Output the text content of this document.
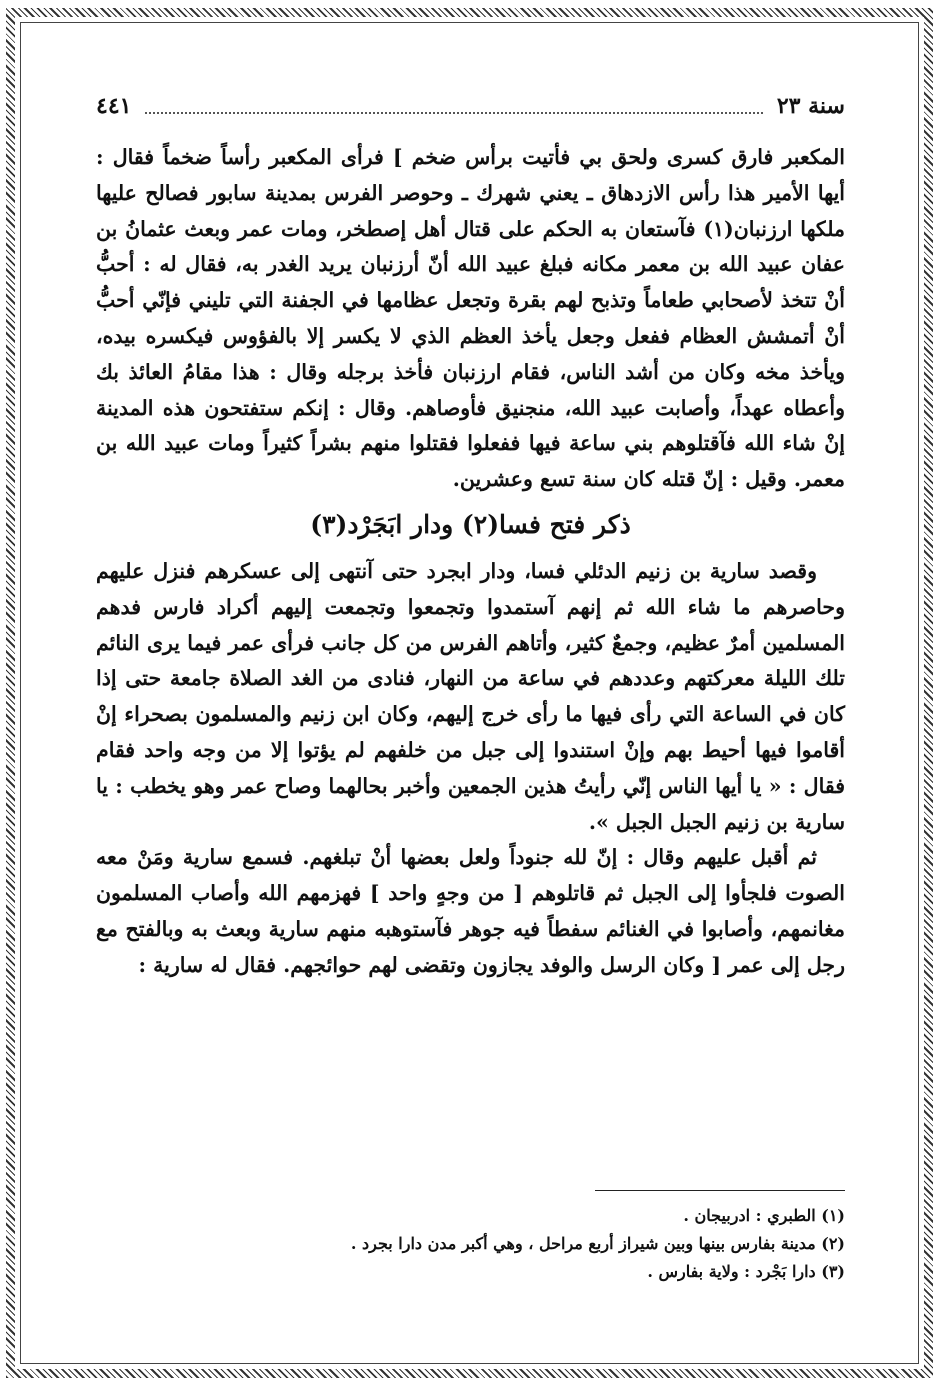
سنة ٢٣
٤٤١

المكعبر فارق كسرى ولحق بي فأتيت برأس ضخم ] فرأى المكعبر رأساً ضخماً فقال : أيها الأمير هذا رأس الازدهاق ـ يعني شهرك ـ وحوصر الفرس بمدينة سابور فصالح عليها ملكها ارزنبان(١) فآستعان به الحكم على قتال أهل إصطخر، ومات عمر وبعث عثمانُ بن عفان عبيد الله بن معمر مكانه فبلغ عبيد الله أنّ أرزنبان يريد الغدر به، فقال له : أحبُّ أنْ تتخذ لأصحابي طعاماً وتذبح لهم بقرة وتجعل عظامها في الجفنة التي تليني فإنّي أحبُّ أنْ أتمشش العظام ففعل وجعل يأخذ العظم الذي لا يكسر إلا بالفؤوس فيكسره بيده، ويأخذ مخه وكان من أشد الناس، فقام ارزنبان فأخذ برجله وقال : هذا مقامُ العائذ بك وأعطاه عهداً، وأصابت عبيد الله، منجنيق فأوصاهم. وقال : إنكم ستفتحون هذه المدينة إنْ شاء الله فآقتلوهم بني ساعة فيها ففعلوا فقتلوا منهم بشراً كثيراً ومات عبيد الله بن معمر. وقيل : إنّ قتله كان سنة تسع وعشرين.

ذكر فتح فسا(٢) ودار ابَجَرْد(٣)

وقصد سارية بن زنيم الدئلي فسا، ودار ابجرد حتى آنتهى إلى عسكرهم فنزل عليهم وحاصرهم ما شاء الله ثم إنهم آستمدوا وتجمعوا وتجمعت إليهم أكراد فارس فدهم المسلمين أمرٌ عظيم، وجمعٌ كثير، وأتاهم الفرس من كل جانب فرأى عمر فيما يرى النائم تلك الليلة معركتهم وعددهم في ساعة من النهار، فنادى من الغد الصلاة جامعة حتى إذا كان في الساعة التي رأى فيها ما رأى خرج إليهم، وكان ابن زنيم والمسلمون بصحراء إنْ أقاموا فيها أحيط بهم وإنْ استندوا إلى جبل من خلفهم لم يؤتوا إلا من وجه واحد فقام فقال : « يا أيها الناس إنّي رأيتُ هذين الجمعين وأخبر بحالهما وصاح عمر وهو يخطب : يا سارية بن زنيم الجبل الجبل ».

ثم أقبل عليهم وقال : إنّ لله جنوداً ولعل بعضها أنْ تبلغهم. فسمع سارية ومَنْ معه الصوت فلجأوا إلى الجبل ثم قاتلوهم [ من وجهٍ واحد ] فهزمهم الله وأصاب المسلمون مغانمهم، وأصابوا في الغنائم سفطاً فيه جوهر فآستوهبه منهم سارية وبعث به وبالفتح مع رجل إلى عمر [ وكان الرسل والوفد يجازون وتقضى لهم حوائجهم. فقال له سارية :

(١) الطبري : ادربيجان .
(٢) مدينة بفارس بينها وبين شيراز أربع مراحل ، وهي أكبر مدن دارا بجرد .
(٣) دارا بَجْرد : ولاية بفارس .
